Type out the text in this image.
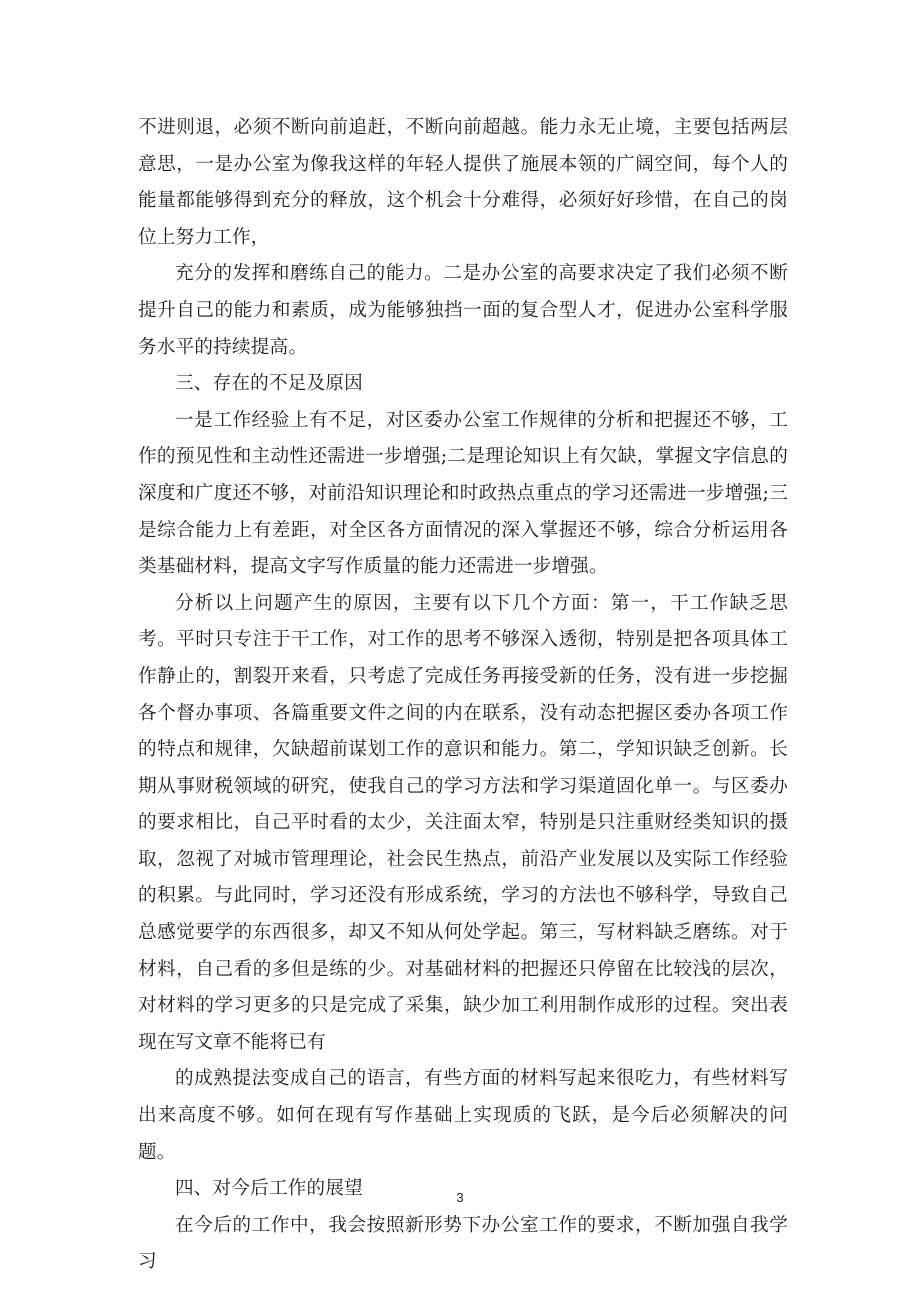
不进则退，必须不断向前追赶，不断向前超越。能力永无止境，主要包括两层意思，一是办公室为像我这样的年轻人提供了施展本领的广阔空间，每个人的能量都能够得到充分的释放，这个机会十分难得，必须好好珍惜，在自己的岗位上努力工作，

充分的发挥和磨练自己的能力。二是办公室的高要求决定了我们必须不断提升自己的能力和素质，成为能够独挡一面的复合型人才，促进办公室科学服务水平的持续提高。

三、存在的不足及原因

一是工作经验上有不足，对区委办公室工作规律的分析和把握还不够，工作的预见性和主动性还需进一步增强;二是理论知识上有欠缺，掌握文字信息的深度和广度还不够，对前沿知识理论和时政热点重点的学习还需进一步增强;三是综合能力上有差距，对全区各方面情况的深入掌握还不够，综合分析运用各类基础材料，提高文字写作质量的能力还需进一步增强。

分析以上问题产生的原因，主要有以下几个方面：第一，干工作缺乏思考。平时只专注于干工作，对工作的思考不够深入透彻，特别是把各项具体工作静止的，割裂开来看，只考虑了完成任务再接受新的任务，没有进一步挖掘各个督办事项、各篇重要文件之间的内在联系，没有动态把握区委办各项工作的特点和规律，欠缺超前谋划工作的意识和能力。第二，学知识缺乏创新。长期从事财税领域的研究，使我自己的学习方法和学习渠道固化单一。与区委办的要求相比，自己平时看的太少，关注面太窄，特别是只注重财经类知识的摄取，忽视了对城市管理理论，社会民生热点，前沿产业发展以及实际工作经验的积累。与此同时，学习还没有形成系统，学习的方法也不够科学，导致自己总感觉要学的东西很多，却又不知从何处学起。第三，写材料缺乏磨练。对于材料，自己看的多但是练的少。对基础材料的把握还只停留在比较浅的层次，对材料的学习更多的只是完成了采集，缺少加工利用制作成形的过程。突出表现在写文章不能将已有

的成熟提法变成自己的语言，有些方面的材料写起来很吃力，有些材料写出来高度不够。如何在现有写作基础上实现质的飞跃，是今后必须解决的问题。

四、对今后工作的展望

在今后的工作中，我会按照新形势下办公室工作的要求，不断加强自我学习

3
